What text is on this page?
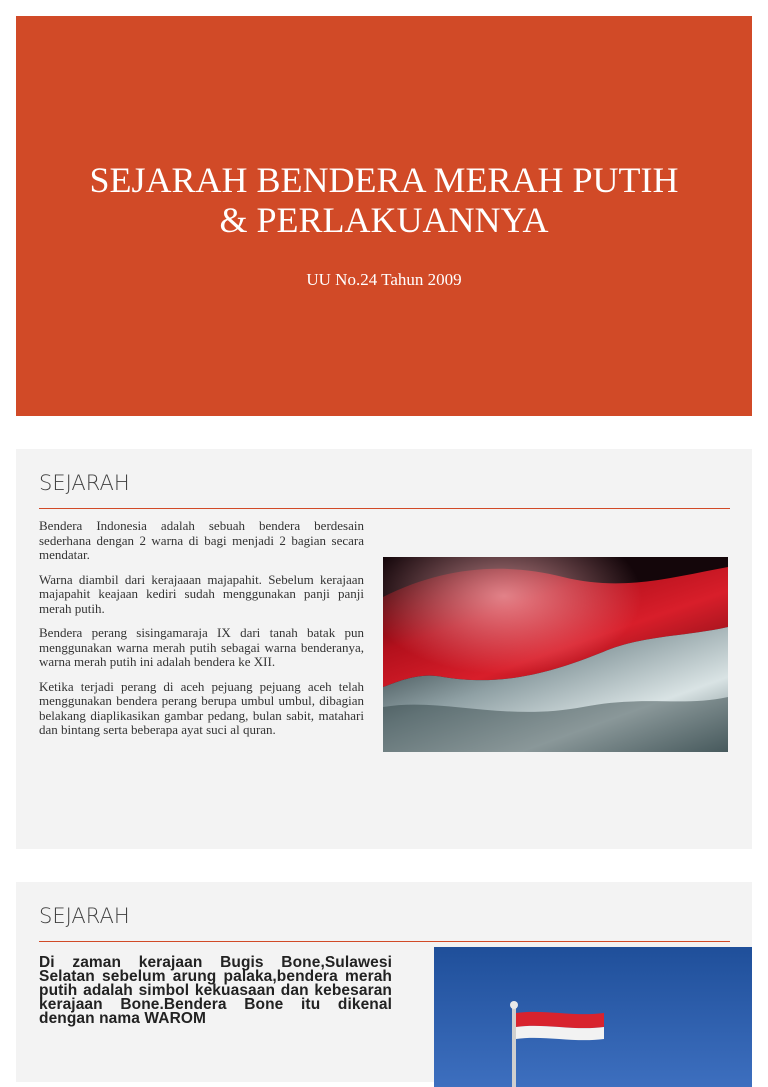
SEJARAH BENDERA MERAH PUTIH
& PERLAKUANNYA
UU No.24 Tahun 2009
SEJARAH

Bendera Indonesia adalah sebuah bendera berdesain sederhana dengan 2 warna di bagi menjadi 2 bagian secara mendatar.

Warna diambil dari kerajaaan majapahit. Sebelum kerajaan majapahit keajaan kediri sudah menggunakan panji panji merah putih.

Bendera perang sisingamaraja IX dari tanah batak pun menggunakan warna merah putih sebagai warna benderanya, warna merah putih ini adalah bendera ke XII.

Ketika terjadi perang di aceh pejuang pejuang aceh telah menggunakan bendera perang berupa umbul umbul, dibagian belakang diaplikasikan gambar pedang, bulan sabit, matahari dan bintang serta beberapa ayat suci al quran.

SEJARAH

Di zaman kerajaan Bugis Bone,Sulawesi Selatan sebelum arung palaka,bendera merah putih adalah simbol kekuasaan dan kebesaran kerajaan Bone.Bendera Bone itu dikenal dengan nama WAROM
